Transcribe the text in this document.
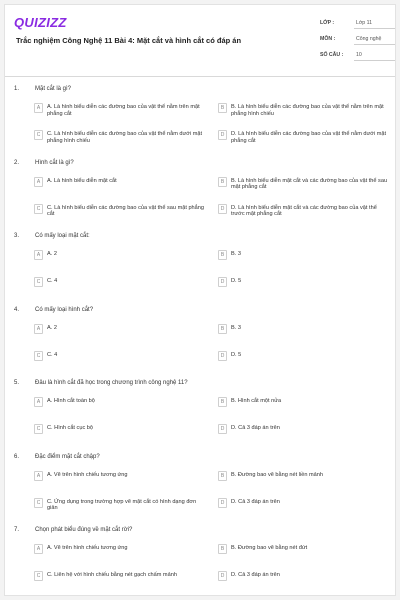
QUIZIZZ
Trắc nghiệm Công Nghệ 11 Bài 4: Mặt cắt và hình cắt có đáp án
LỚP :	Lớp 11
MÔN :	Công nghệ
SỐ CÂU :	10
1.	Mặt cắt là gì?
A	A. Là hình biểu diễn các đường bao của vật thể nằm trên mặt phẳng cắt
B	B. Là hình biểu diễn các đường bao của vật thể nằm trên mặt phẳng hình chiếu
C	C. Là hình biểu diễn các đường bao của vật thể nằm dưới mặt phẳng hình chiếu
D	D. Là hình biểu diễn các đường bao của vật thể nằm dưới mặt phẳng cắt
2.	Hình cắt là gì?
A	A. Là hình biểu diễn mặt cắt	B	B. Là hình biểu diễn mặt cắt và các đường bao của vật thể sau mặt phẳng cắt
C	C. Là hình biểu diễn các đường bao của vật thể sau mặt phẳng cắt
D	D. Là hình biểu diễn mặt cắt và các đường bao của vật thể trước mặt phẳng cắt
3.	Có mấy loại mặt cắt:
A	A. 2	B	B. 3
C	C. 4	D	D. 5
4.	Có mấy loại hình cắt?
A	A. 2	B	B. 3
C	C. 4	D	D. 5
5.	Đâu là hình cắt đã học trong chương trình công nghệ 11?
A	A. Hình cắt toàn bộ	B	B. Hình cắt một nửa
C	C. Hình cắt cục bộ	D	D. Cả 3 đáp án trên
6.	Đặc điểm mặt cắt chập?
A	A. Vẽ trên hình chiếu tương ứng	B	B. Đường bao vẽ bằng nét liền mảnh
C	C. Ứng dụng trong trường hợp vẽ mặt cắt có hình dạng đơn giản
D	D. Cả 3 đáp án trên
7.	Chọn phát biểu đúng về mặt cắt rời?
A	A. Vẽ trên hình chiếu tương ứng	B	B. Đường bao vẽ bằng nét đứt
C	C. Liên hệ với hình chiếu bằng nét gạch chấm mảnh	D	D. Cả 3 đáp án trên
